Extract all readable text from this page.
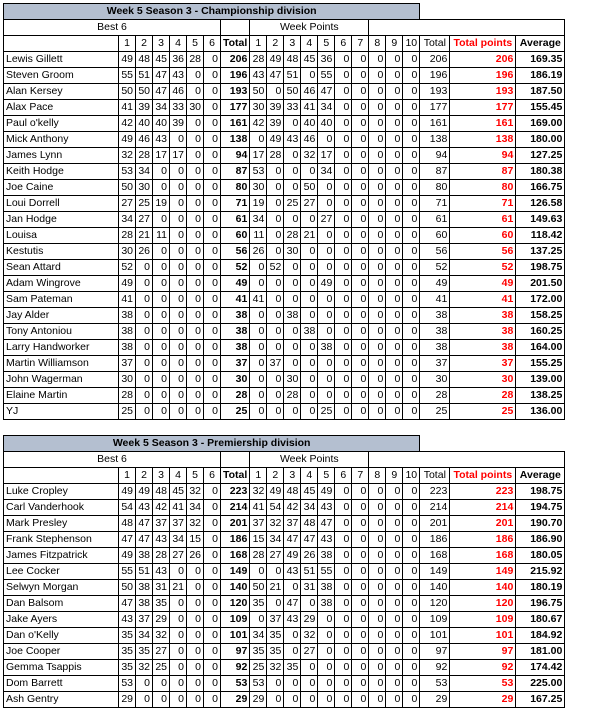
Week 5 Season 3 - Championship division																				
Best 6								Week Points												
	1	2	3	4	5	6	Total	1	2	3	4	5	6	7	8	9	10	Total	Total points	Average
Lewis Gillett	49	48	45	36	28	0	206	28	49	48	45	36	0	0	0	0	0	206	206	169.35
Steven Groom	55	51	47	43	0	0	196	43	47	51	0	55	0	0	0	0	0	196	196	186.19
Alan Kersey	50	50	47	46	0	0	193	50	0	50	46	47	0	0	0	0	0	193	193	187.50
Alax Pace	41	39	34	33	30	0	177	30	39	33	41	34	0	0	0	0	0	177	177	155.45
Paul o'kelly	42	40	40	39	0	0	161	42	39	0	40	40	0	0	0	0	0	161	161	169.00
Mick Anthony	49	46	43	0	0	0	138	0	49	43	46	0	0	0	0	0	0	138	138	180.00
James Lynn	32	28	17	17	0	0	94	17	28	0	32	17	0	0	0	0	0	94	94	127.25
Keith Hodge	53	34	0	0	0	0	87	53	0	0	0	34	0	0	0	0	0	87	87	180.38
Joe Caine	50	30	0	0	0	0	80	30	0	0	50	0	0	0	0	0	0	80	80	166.75
Loui Dorrell	27	25	19	0	0	0	71	19	0	25	27	0	0	0	0	0	0	71	71	126.58
Jan Hodge	34	27	0	0	0	0	61	34	0	0	0	27	0	0	0	0	0	61	61	149.63
Louisa	28	21	11	0	0	0	60	11	0	28	21	0	0	0	0	0	0	60	60	118.42
Kestutis	30	26	0	0	0	0	56	26	0	30	0	0	0	0	0	0	0	56	56	137.25
Sean Attard	52	0	0	0	0	0	52	0	52	0	0	0	0	0	0	0	0	52	52	198.75
Adam Wingrove	49	0	0	0	0	0	49	0	0	0	0	49	0	0	0	0	0	49	49	201.50
Sam Pateman	41	0	0	0	0	0	41	41	0	0	0	0	0	0	0	0	0	41	41	172.00
Jay Alder	38	0	0	0	0	0	38	0	0	38	0	0	0	0	0	0	0	38	38	158.25
Tony Antoniou	38	0	0	0	0	0	38	0	0	0	38	0	0	0	0	0	0	38	38	160.25
Larry Handworker	38	0	0	0	0	0	38	0	0	0	0	38	0	0	0	0	0	38	38	164.00
Martin Williamson	37	0	0	0	0	0	37	0	37	0	0	0	0	0	0	0	0	37	37	155.25
John Wagerman	30	0	0	0	0	0	30	0	0	30	0	0	0	0	0	0	0	30	30	139.00
Elaine Martin	28	0	0	0	0	0	28	0	0	28	0	0	0	0	0	0	0	28	28	138.25
YJ	25	0	0	0	0	0	25	0	0	0	0	25	0	0	0	0	0	25	25	136.00
Week 5 Season 3 - Premiership division																				
Best 6								Week Points												
	1	2	3	4	5	6	Total	1	2	3	4	5	6	7	8	9	10	Total	Total points	Average
Luke Cropley	49	49	48	45	32	0	223	32	49	48	45	49	0	0	0	0	0	223	223	198.75
Carl Vanderhook	54	43	42	41	34	0	214	41	54	42	34	43	0	0	0	0	0	214	214	194.75
Mark Presley	48	47	37	37	32	0	201	37	32	37	48	47	0	0	0	0	0	201	201	190.70
Frank Stephenson	47	47	43	34	15	0	186	15	34	47	47	43	0	0	0	0	0	186	186	186.90
James Fitzpatrick	49	38	28	27	26	0	168	28	27	49	26	38	0	0	0	0	0	168	168	180.05
Lee Cocker	55	51	43	0	0	0	149	0	0	43	51	55	0	0	0	0	0	149	149	215.92
Selwyn Morgan	50	38	31	21	0	0	140	50	21	0	31	38	0	0	0	0	0	140	140	180.19
Dan Balsom	47	38	35	0	0	0	120	35	0	47	0	38	0	0	0	0	0	120	120	196.75
Jake Ayers	43	37	29	0	0	0	109	0	37	43	29	0	0	0	0	0	0	109	109	180.67
Dan o'Kelly	35	34	32	0	0	0	101	34	35	0	32	0	0	0	0	0	0	101	101	184.92
Joe Cooper	35	35	27	0	0	0	97	35	35	0	27	0	0	0	0	0	0	97	97	181.00
Gemma Tsappis	35	32	25	0	0	0	92	25	32	35	0	0	0	0	0	0	0	92	92	174.42
Dom Barrett	53	0	0	0	0	0	53	53	0	0	0	0	0	0	0	0	0	53	53	225.00
Ash Gentry	29	0	0	0	0	0	29	29	0	0	0	0	0	0	0	0	0	29	29	167.25
